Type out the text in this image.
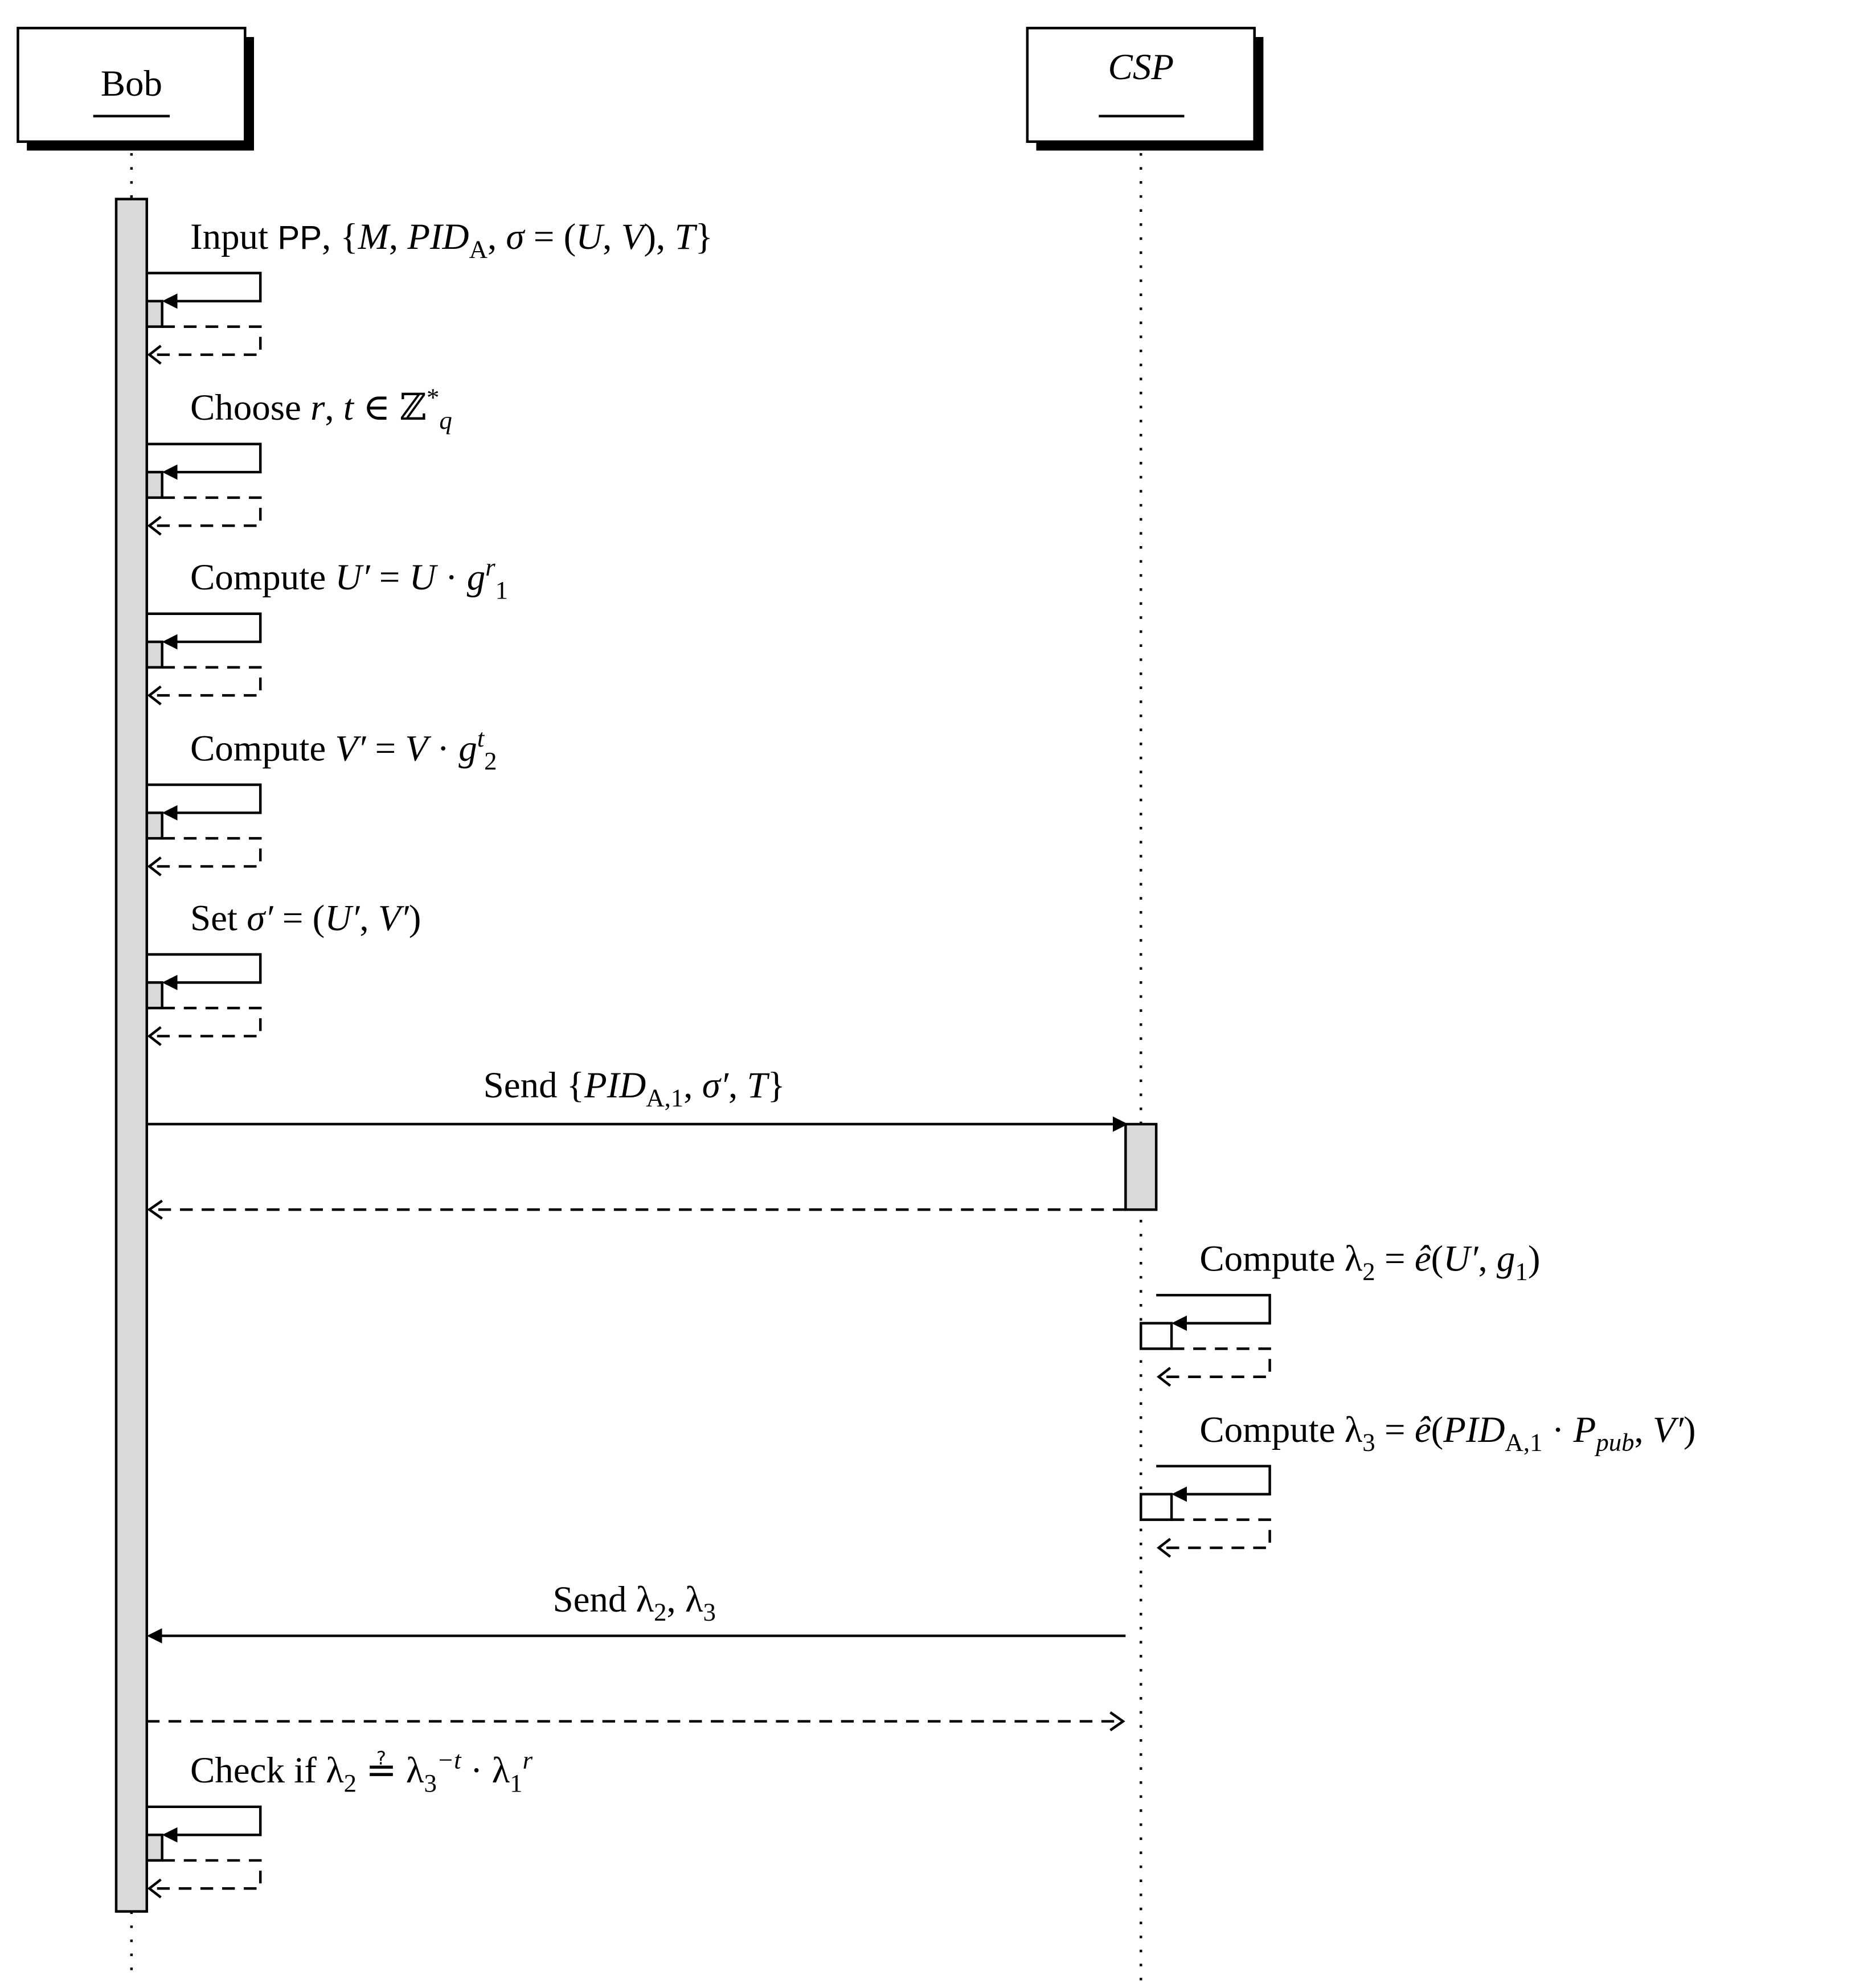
Bob	CSP
Input PP, {M, $PID_A$, σ = (U, V), T}
Choose r, t ∈ ℤ*$_q$
Compute $U' = U \cdot g^r_1$
Compute $V' = V \cdot g^t_2$
Set σ′ = (U′, V′)
Check if $\lambda_2$ ≟ $\lambda_3^{-t} \cdot \lambda_1^r$
Send {$PID_{A,1}$, σ′, T}
Compute $\lambda_2$ = ê(U′, $g_1$)
Compute $\lambda_3$ = $ê(PID_{A,1} \cdot P_{pub}$, V′)
Send $\lambda_2$, $\lambda_3$
